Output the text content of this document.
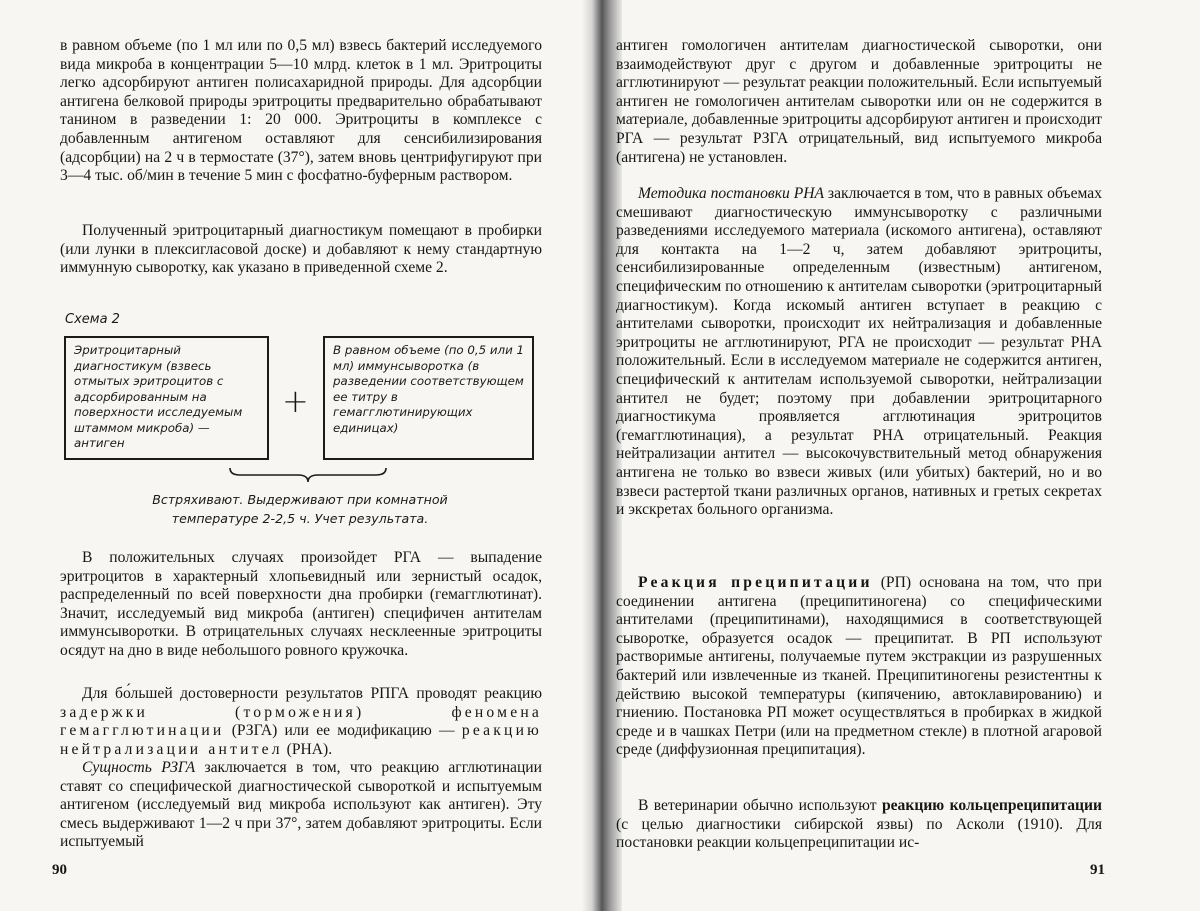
в равном объеме (по 1 мл или по 0,5 мл) взвесь бактерий исследуемого вида микроба в концентрации 5—10 млрд. клеток в 1 мл. Эритроциты легко адсорбируют антиген полисахаридной природы. Для адсорбции антигена белковой природы эритроциты предварительно обрабатывают танином в разведении 1: 20 000. Эритроциты в комплексе с добавленным антигеном оставляют для сенсибилизирования (адсорбции) на 2 ч в термостате (37°), затем вновь центрифугируют при 3—4 тыс. об/мин в течение 5 мин с фосфатно-буферным раствором.

Полученный эритроцитарный диагностикум помещают в пробирки (или лунки в плексигласовой доске) и добавляют к нему стандартную иммунную сыворотку, как указано в приведенной схеме 2.

Схема 2

Эритроцитарный диагностикум (взвесь отмытых эритроцитов с адсорбированным на поверхности исследуемым штаммом микроба) — антиген

+

В равном объеме (по 0,5 или 1 мл) иммунсыворотка (в разведении соответствующем ее титру в гемагглютинирующих единицах)

Встряхивают. Выдерживают при комнатной температуре 2-2,5 ч. Учет результата.

В положительных случаях произойдет РГА — выпадение эритроцитов в характерный хлопьевидный или зернистый осадок, распределенный по всей поверхности дна пробирки (гемагглютинат). Значит, исследуемый вид микроба (антиген) специфичен антителам иммунсыворотки. В отрицательных случаях несклеенные эритроциты осядут на дно в виде небольшого ровного кружочка.

Для бо́льшей достоверности результатов РПГА проводят реакцию задержки (торможения) феномена гемагглютинации (РЗГА) или ее модификацию — реакцию нейтрализации антител (РНА).

Сущность РЗГА заключается в том, что реакцию агглютинации ставят со специфической диагностической сывороткой и испытуемым антигеном (исследуемый вид микроба используют как антиген). Эту смесь выдерживают 1—2 ч при 37°, затем добавляют эритроциты. Если испытуемый

90

антиген гомологичен антителам диагностической сыворотки, они взаимодействуют друг с другом и добавленные эритроциты не агглютинируют — результат реакции положительный. Если испытуемый антиген не гомологичен антителам сыворотки или он не содержится в материале, добавленные эритроциты адсорбируют антиген и происходит РГА — результат РЗГА отрицательный, вид испытуемого микроба (антигена) не установлен.

Методика постановки РНА заключается в том, что в равных объемах смешивают диагностическую иммунсыворотку с различными разведениями исследуемого материала (искомого антигена), оставляют для контакта на 1—2 ч, затем добавляют эритроциты, сенсибилизированные определенным (известным) антигеном, специфическим по отношению к антителам сыворотки (эритроцитарный диагностикум). Когда искомый антиген вступает в реакцию с антителами сыворотки, происходит их нейтрализация и добавленные эритроциты не агглютинируют, РГА не происходит — результат РНА положительный. Если в исследуемом материале не содержится антиген, специфический к антителам используемой сыворотки, нейтрализации антител не будет; поэтому при добавлении эритроцитарного диагностикума проявляется агглютинация эритроцитов (гемагглютинация), а результат РНА отрицательный. Реакция нейтрализации антител — высокочувствительный метод обнаружения антигена не только во взвеси живых (или убитых) бактерий, но и во взвеси растертой ткани различных органов, нативных и гретых секретах и экскретах больного организма.

Реакция преципитации (РП) основана на том, что при соединении антигена (преципитиногена) со специфическими антителами (преципитинами), находящимися в соответствующей сыворотке, образуется осадок — преципитат. В РП используют растворимые антигены, получаемые путем экстракции из разрушенных бактерий или извлеченные из тканей. Преципитиногены резистентны к действию высокой температуры (кипячению, автоклавированию) и гниению. Постановка РП может осуществляться в пробирках в жидкой среде и в чашках Петри (или на предметном стекле) в плотной агаровой среде (диффузионная преципитация).

В ветеринарии обычно используют реакцию кольцепреципитации (с целью диагностики сибирской язвы) по Асколи (1910). Для постановки реакции кольцепреципитации ис-

91
